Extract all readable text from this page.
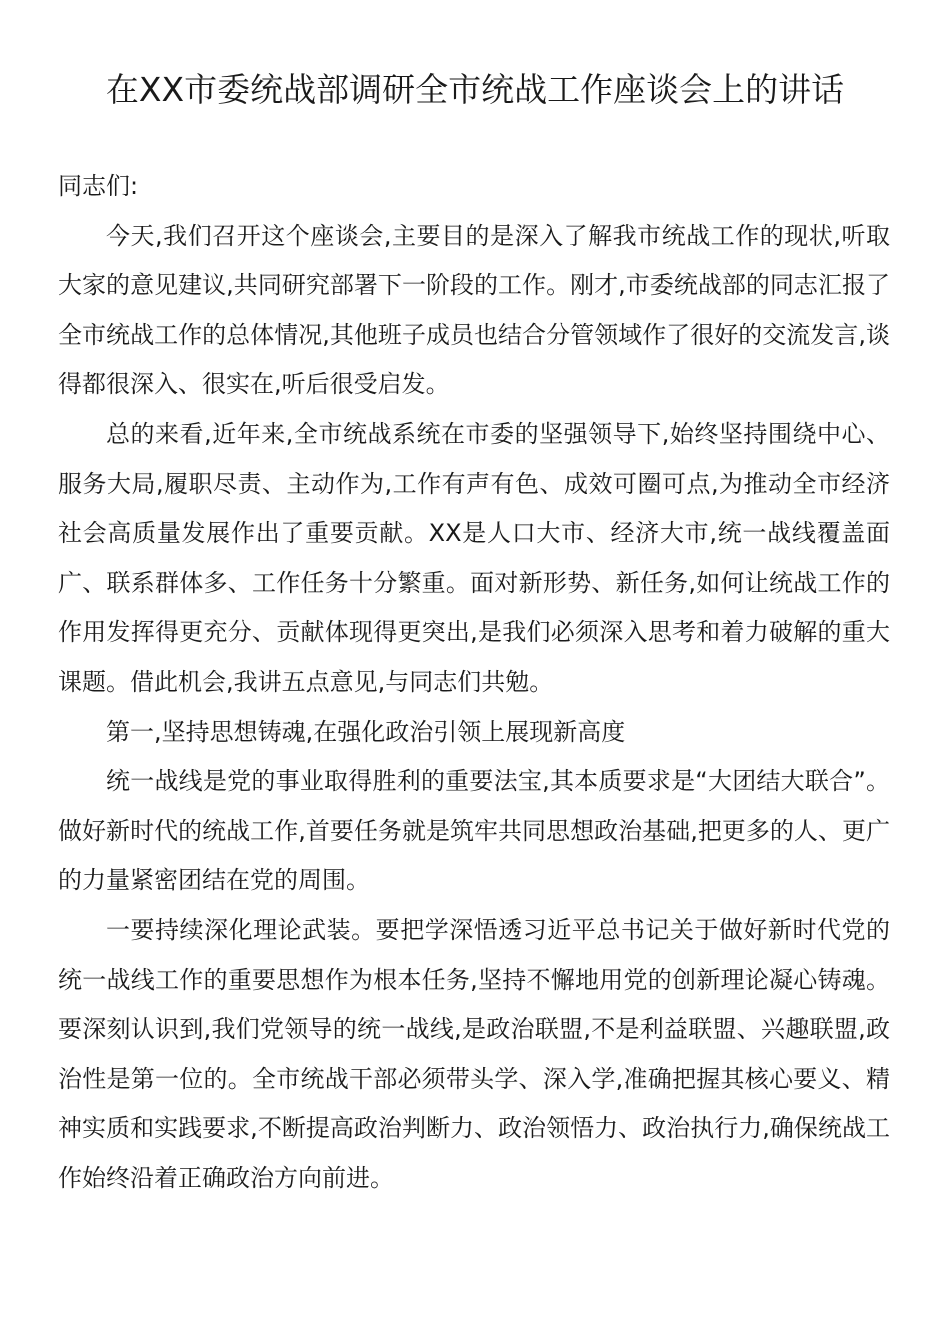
在XX市委统战部调研全市统战工作座谈会上的讲话

同志们:

今天,我们召开这个座谈会,主要目的是深入了解我市统战工作的现状,听取大家的意见建议,共同研究部署下一阶段的工作。刚才,市委统战部的同志汇报了全市统战工作的总体情况,其他班子成员也结合分管领域作了很好的交流发言,谈得都很深入、很实在,听后很受启发。

总的来看,近年来,全市统战系统在市委的坚强领导下,始终坚持围绕中心、服务大局,履职尽责、主动作为,工作有声有色、成效可圈可点,为推动全市经济社会高质量发展作出了重要贡献。XX是人口大市、经济大市,统一战线覆盖面广、联系群体多、工作任务十分繁重。面对新形势、新任务,如何让统战工作的作用发挥得更充分、贡献体现得更突出,是我们必须深入思考和着力破解的重大课题。借此机会,我讲五点意见,与同志们共勉。

第一,坚持思想铸魂,在强化政治引领上展现新高度

统一战线是党的事业取得胜利的重要法宝,其本质要求是“大团结大联合”。做好新时代的统战工作,首要任务就是筑牢共同思想政治基础,把更多的人、更广的力量紧密团结在党的周围。

一要持续深化理论武装。要把学深悟透习近平总书记关于做好新时代党的统一战线工作的重要思想作为根本任务,坚持不懈地用党的创新理论凝心铸魂。要深刻认识到,我们党领导的统一战线,是政治联盟,不是利益联盟、兴趣联盟,政治性是第一位的。全市统战干部必须带头学、深入学,准确把握其核心要义、精神实质和实践要求,不断提高政治判断力、政治领悟力、政治执行力,确保统战工作始终沿着正确政治方向前进。
